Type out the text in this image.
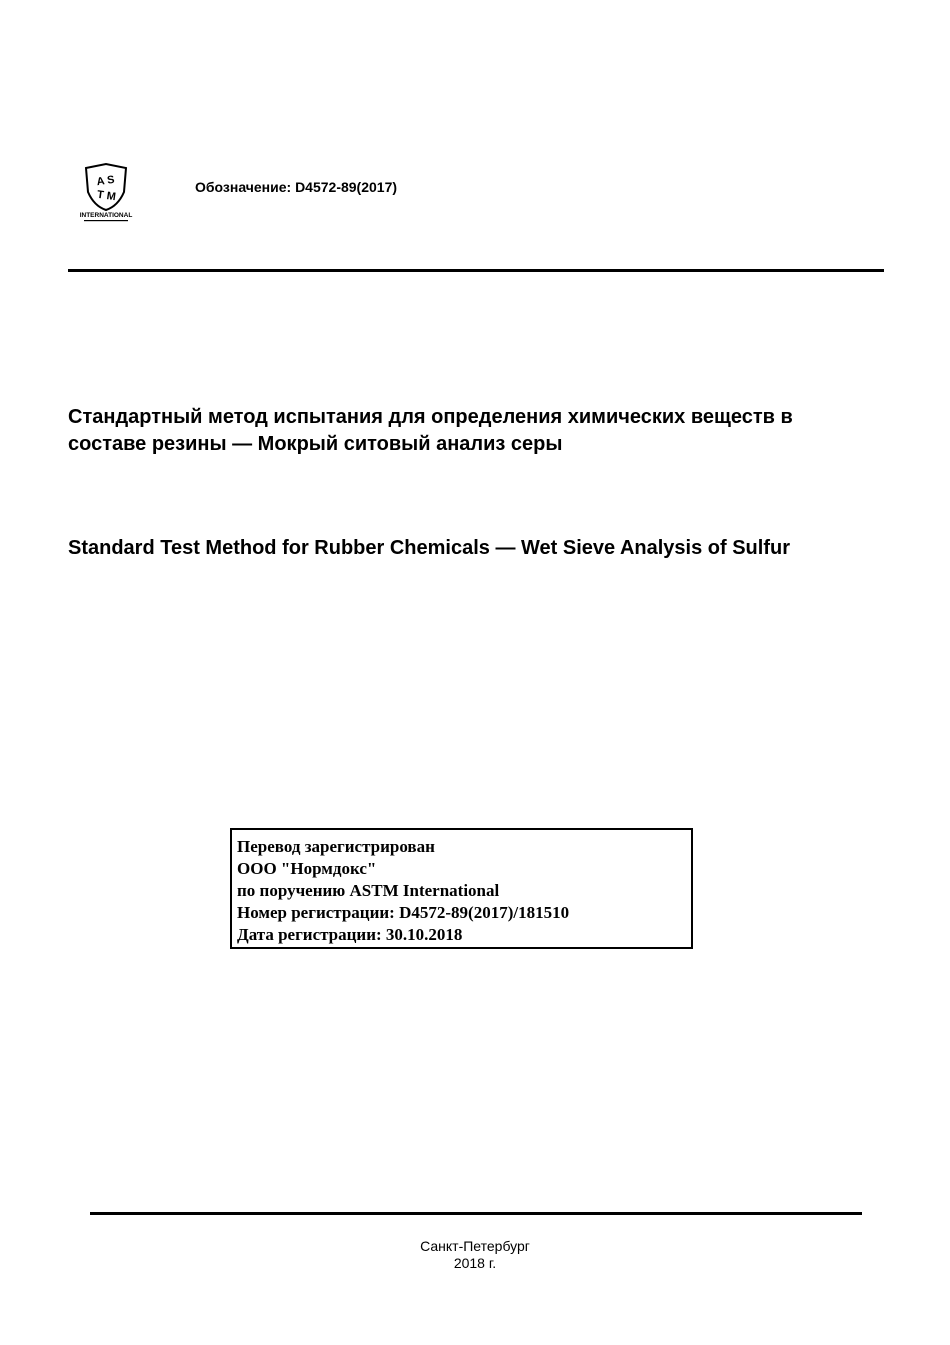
A S
T M
INTERNATIONAL
Обозначение: D4572-89(2017)
Стандартный метод испытания для определения химических веществ в
составе резины — Мокрый ситовый анализ серы
Standard Test Method for Rubber Chemicals — Wet Sieve Analysis of Sulfur
Перевод зарегистрирован
ООО "Нормдокс"
по поручению ASTM International
Номер регистрации: D4572-89(2017)/181510
Дата регистрации: 30.10.2018
Санкт-Петербург
2018 г.
